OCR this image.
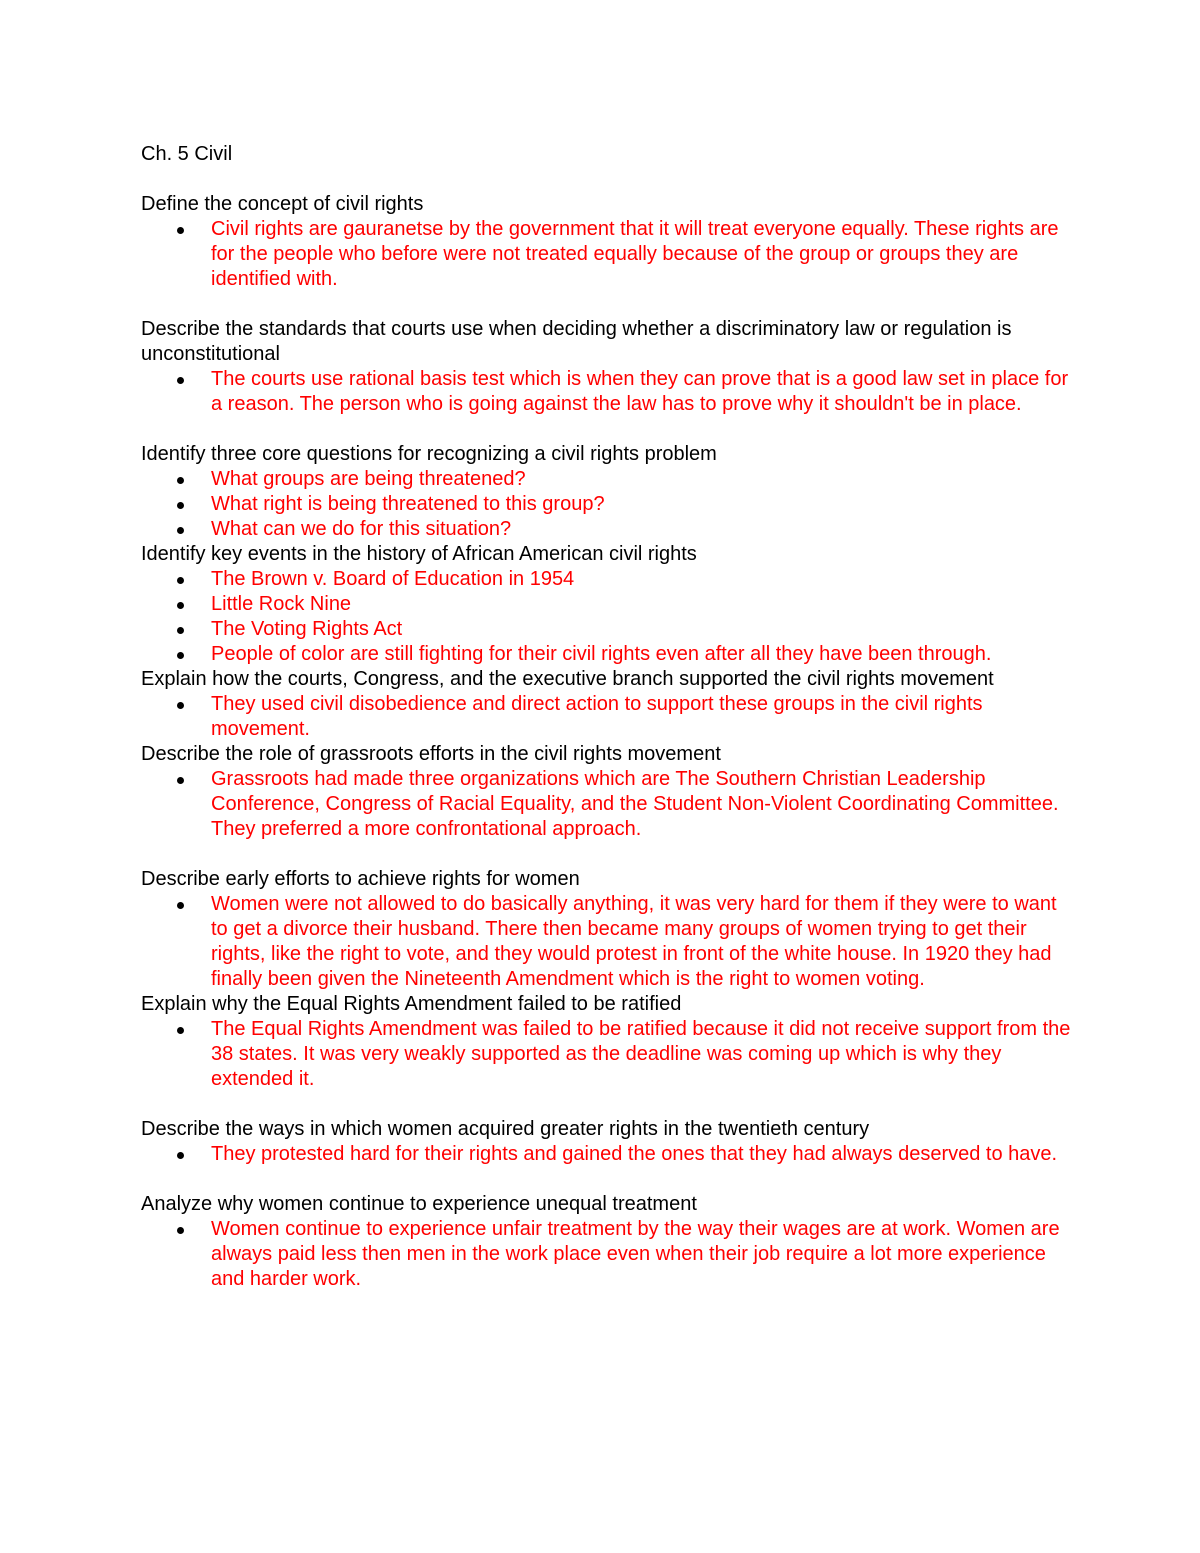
Ch. 5 Civil
Define the concept of civil rights
Civil rights are gauranetse by the government that it will treat everyone equally. These rights are for the people who before were not treated equally because of the group or groups they are identified with.
Describe the standards that courts use when deciding whether a discriminatory law or regulation is unconstitutional
The courts use rational basis test which is when they can prove that is a good law set in place for a reason. The person who is going against the law has to prove why it shouldn't be in place.
Identify three core questions for recognizing a civil rights problem
What groups are being threatened?
What right is being threatened to this group?
What can we do for this situation?
Identify key events in the history of African American civil rights
The Brown v. Board of Education in 1954
Little Rock Nine
The Voting Rights Act
People of color are still fighting for their civil rights even after all they have been through.
Explain how the courts, Congress, and the executive branch supported the civil rights movement
They used civil disobedience and direct action to support these groups in the civil rights movement.
Describe the role of grassroots efforts in the civil rights movement
Grassroots had made three organizations which are The Southern Christian Leadership Conference, Congress of Racial Equality, and the Student Non-Violent Coordinating Committee. They preferred a more confrontational approach.
Describe early efforts to achieve rights for women
Women were not allowed to do basically anything, it was very hard for them if they were to want to get a divorce their husband. There then became many groups of women trying to get their rights, like the right to vote, and they would protest in front of the white house. In 1920 they had finally been given the Nineteenth Amendment which is the right to women voting.
Explain why the Equal Rights Amendment failed to be ratified
The Equal Rights Amendment was failed to be ratified because it did not receive support from the 38 states. It was very weakly supported as the deadline was coming up which is why they extended it.
Describe the ways in which women acquired greater rights in the twentieth century
They protested hard for their rights and gained the ones that they had always deserved to have.
Analyze why women continue to experience unequal treatment
Women continue to experience unfair treatment by the way their wages are at work. Women are always paid less then men in the work place even when their job require a lot more experience and harder work.
